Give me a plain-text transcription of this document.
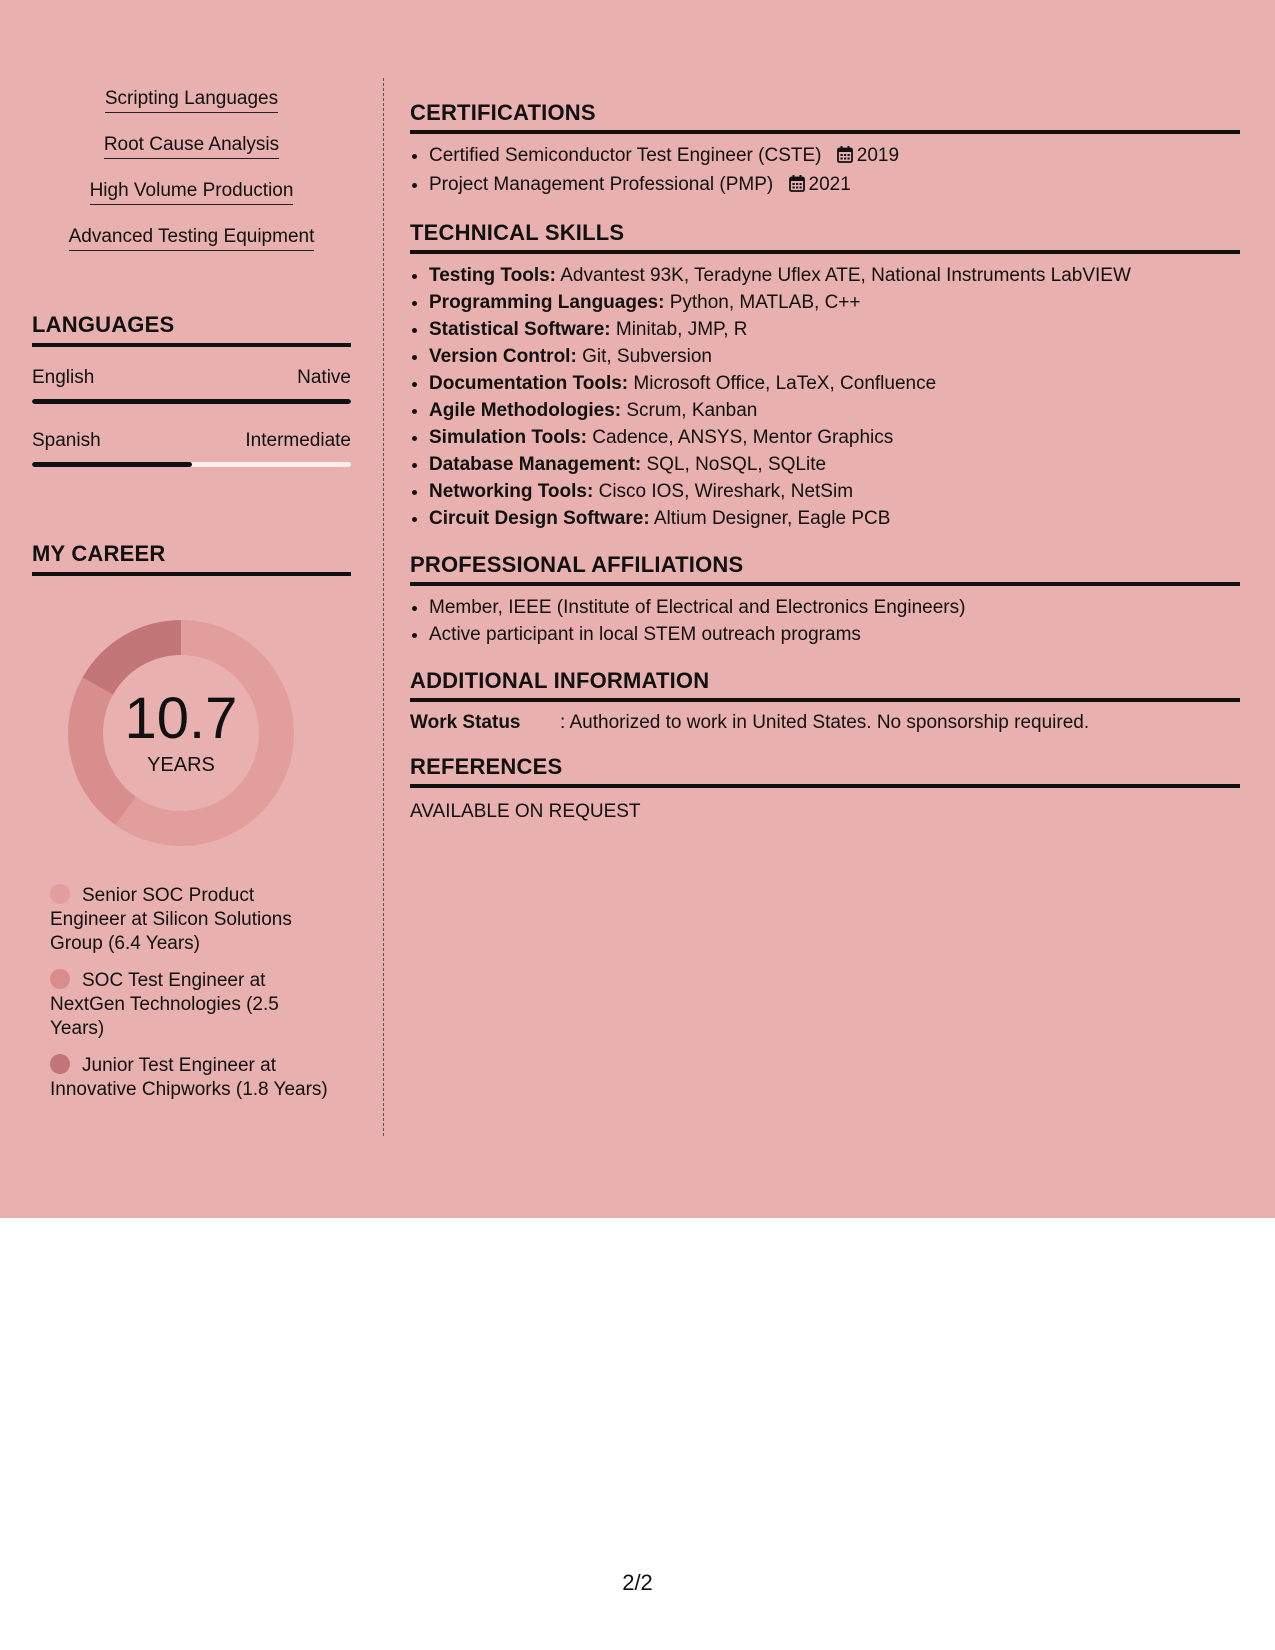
Scripting Languages
Root Cause Analysis
High Volume Production
Advanced Testing Equipment
LANGUAGES
English	Native
Spanish	Intermediate
MY CAREER
10.7
YEARS
Senior SOC Product Engineer at Silicon Solutions Group (6.4 Years)
SOC Test Engineer at NextGen Technologies (2.5 Years)
Junior Test Engineer at Innovative Chipworks (1.8 Years)
CERTIFICATIONS
• Certified Semiconductor Test Engineer (CSTE) 2019
• Project Management Professional (PMP) 2021
TECHNICAL SKILLS
• Testing Tools: Advantest 93K, Teradyne Uflex ATE, National Instruments LabVIEW
• Programming Languages: Python, MATLAB, C++
• Statistical Software: Minitab, JMP, R
• Version Control: Git, Subversion
• Documentation Tools: Microsoft Office, LaTeX, Confluence
• Agile Methodologies: Scrum, Kanban
• Simulation Tools: Cadence, ANSYS, Mentor Graphics
• Database Management: SQL, NoSQL, SQLite
• Networking Tools: Cisco IOS, Wireshark, NetSim
• Circuit Design Software: Altium Designer, Eagle PCB
PROFESSIONAL AFFILIATIONS
• Member, IEEE (Institute of Electrical and Electronics Engineers)
• Active participant in local STEM outreach programs
ADDITIONAL INFORMATION
Work Status	: Authorized to work in United States. No sponsorship required.
REFERENCES
AVAILABLE ON REQUEST
2/2
